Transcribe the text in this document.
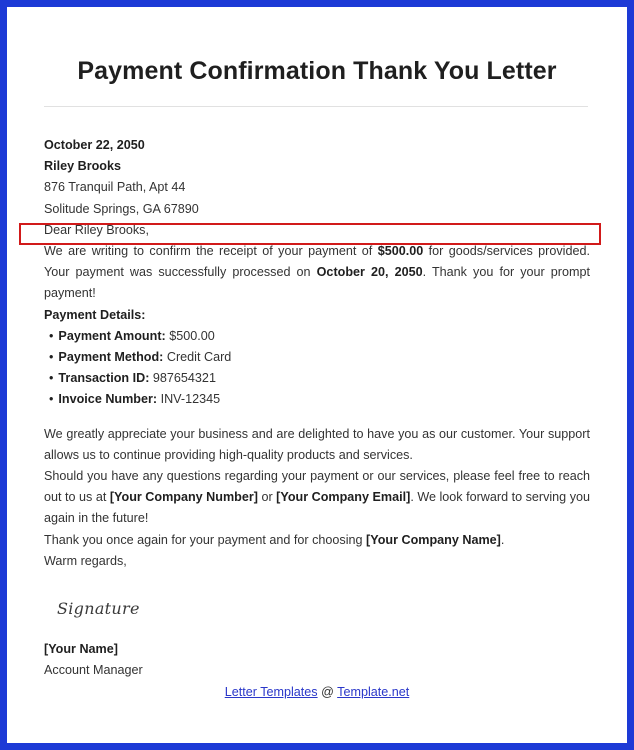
Payment Confirmation Thank You Letter

October 22, 2050

Riley Brooks

876 Tranquil Path, Apt 44

Solitude Springs, GA 67890

Dear Riley Brooks,

We are writing to confirm the receipt of your payment of $500.00 for goods/services provided. Your payment was successfully processed on October 20, 2050. Thank you for your prompt payment!

Payment Details:

• Payment Amount: $500.00
• Payment Method: Credit Card
• Transaction ID: 987654321
• Invoice Number: INV-12345

We greatly appreciate your business and are delighted to have you as our customer. Your support allows us to continue providing high-quality products and services.

Should you have any questions regarding your payment or our services, please feel free to reach out to us at [Your Company Number] or [Your Company Email]. We look forward to serving you again in the future!

Thank you once again for your payment and for choosing [Your Company Name].

Warm regards,

Signature

[Your Name]

Account Manager

Letter Templates @ Template.net
